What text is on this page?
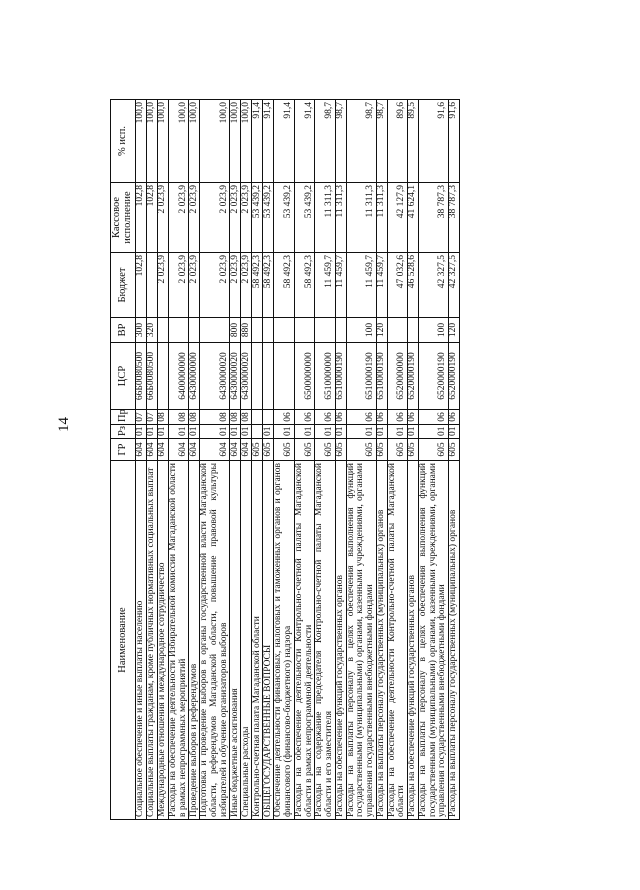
14
Наименование	ГР	Рз	Пр	ЦСР	ВР	Бюджет	Кассовое исполнение	% исп.
Социальное обеспечение и иные выплаты населению	604	01	07	66Б0080500	300	102,8	102,8	100,0
Социальные выплаты гражданам, кроме публичных нормативных социальных выплат	604	01	07	66Б0080500	320		102,8	100,0
Международные отношения и международное сотрудничество	604	01	08			2 023,9	2 023,9	100,0
Расходы на обеспечение деятельности Избирательной комиссии Магаданской области в рамках непрограммных мероприятий	604	01	08	6400000000		2 023,9	2 023,9	100,0
Проведение выборов и референдумов	604	01	08	6430000000		2 023,9	2 023,9	100,0
Подготовка и проведение выборов в органы государственной власти Магаданской области, референдумов Магаданской области, повышение правовой культуры избирателей и обучение организаторов выборов	604	01	08	6430000020		2 023,9	2 023,9	100,0
Иные бюджетные ассигнования	604	01	08	6430000020	800	2 023,9	2 023,9	100,0
Специальные расходы	604	01	08	6430000020	880	2 023,9	2 023,9	100,0
Контрольно-счетная палата Магаданской области	605					58 492,3	53 439,2	91,4
ОБЩЕГОСУДАРСТВЕННЫЕ ВОПРОСЫ	605	01				58 492,3	53 439,2	91,4
Обеспечение деятельности финансовых, налоговых и таможенных органов и органов финансового (финансово-бюджетного) надзора	605	01	06			58 492,3	53 439,2	91,4
Расходы на обеспечение деятельности Контрольно-счетной палаты Магаданской области в рамках непрограммной деятельности	605	01	06	6500000000		58 492,3	53 439,2	91,4
Расходы на содержание председателя Контрольно-счетной палаты Магаданской области и его заместителя	605	01	06	6510000000		11 459,7	11 311,3	98,7
Расходы на обеспечение функций государственных органов	605	01	06	6510000190		11 459,7	11 311,3	98,7
Расходы на выплаты персоналу в целях обеспечения выполнения функций государственными (муниципальными) органами, казенными учреждениями, органами управления государственными внебюджетными фондами	605	01	06	6510000190	100	11 459,7	11 311,3	98,7
Расходы на выплаты персоналу государственных (муниципальных) органов	605	01	06	6510000190	120	11 459,7	11 311,3	98,7
Расходы на обеспечение деятельности Контрольно-счетной палаты Магаданской области	605	01	06	6520000000		47 032,6	42 127,9	89,6
Расходы на обеспечение функций государственных органов	605	01	06	6520000190		46 528,6	41 624,1	89,5
Расходы на выплаты персоналу в целях обеспечения выполнения функций государственными (муниципальными) органами, казенными учреждениями, органами управления государственными внебюджетными фондами	605	01	06	6520000190	100	42 327,5	38 787,3	91,6
Расходы на выплаты персоналу государственных (муниципальных) органов	605	01	06	6520000190	120	42 327,5	38 787,3	91,6
